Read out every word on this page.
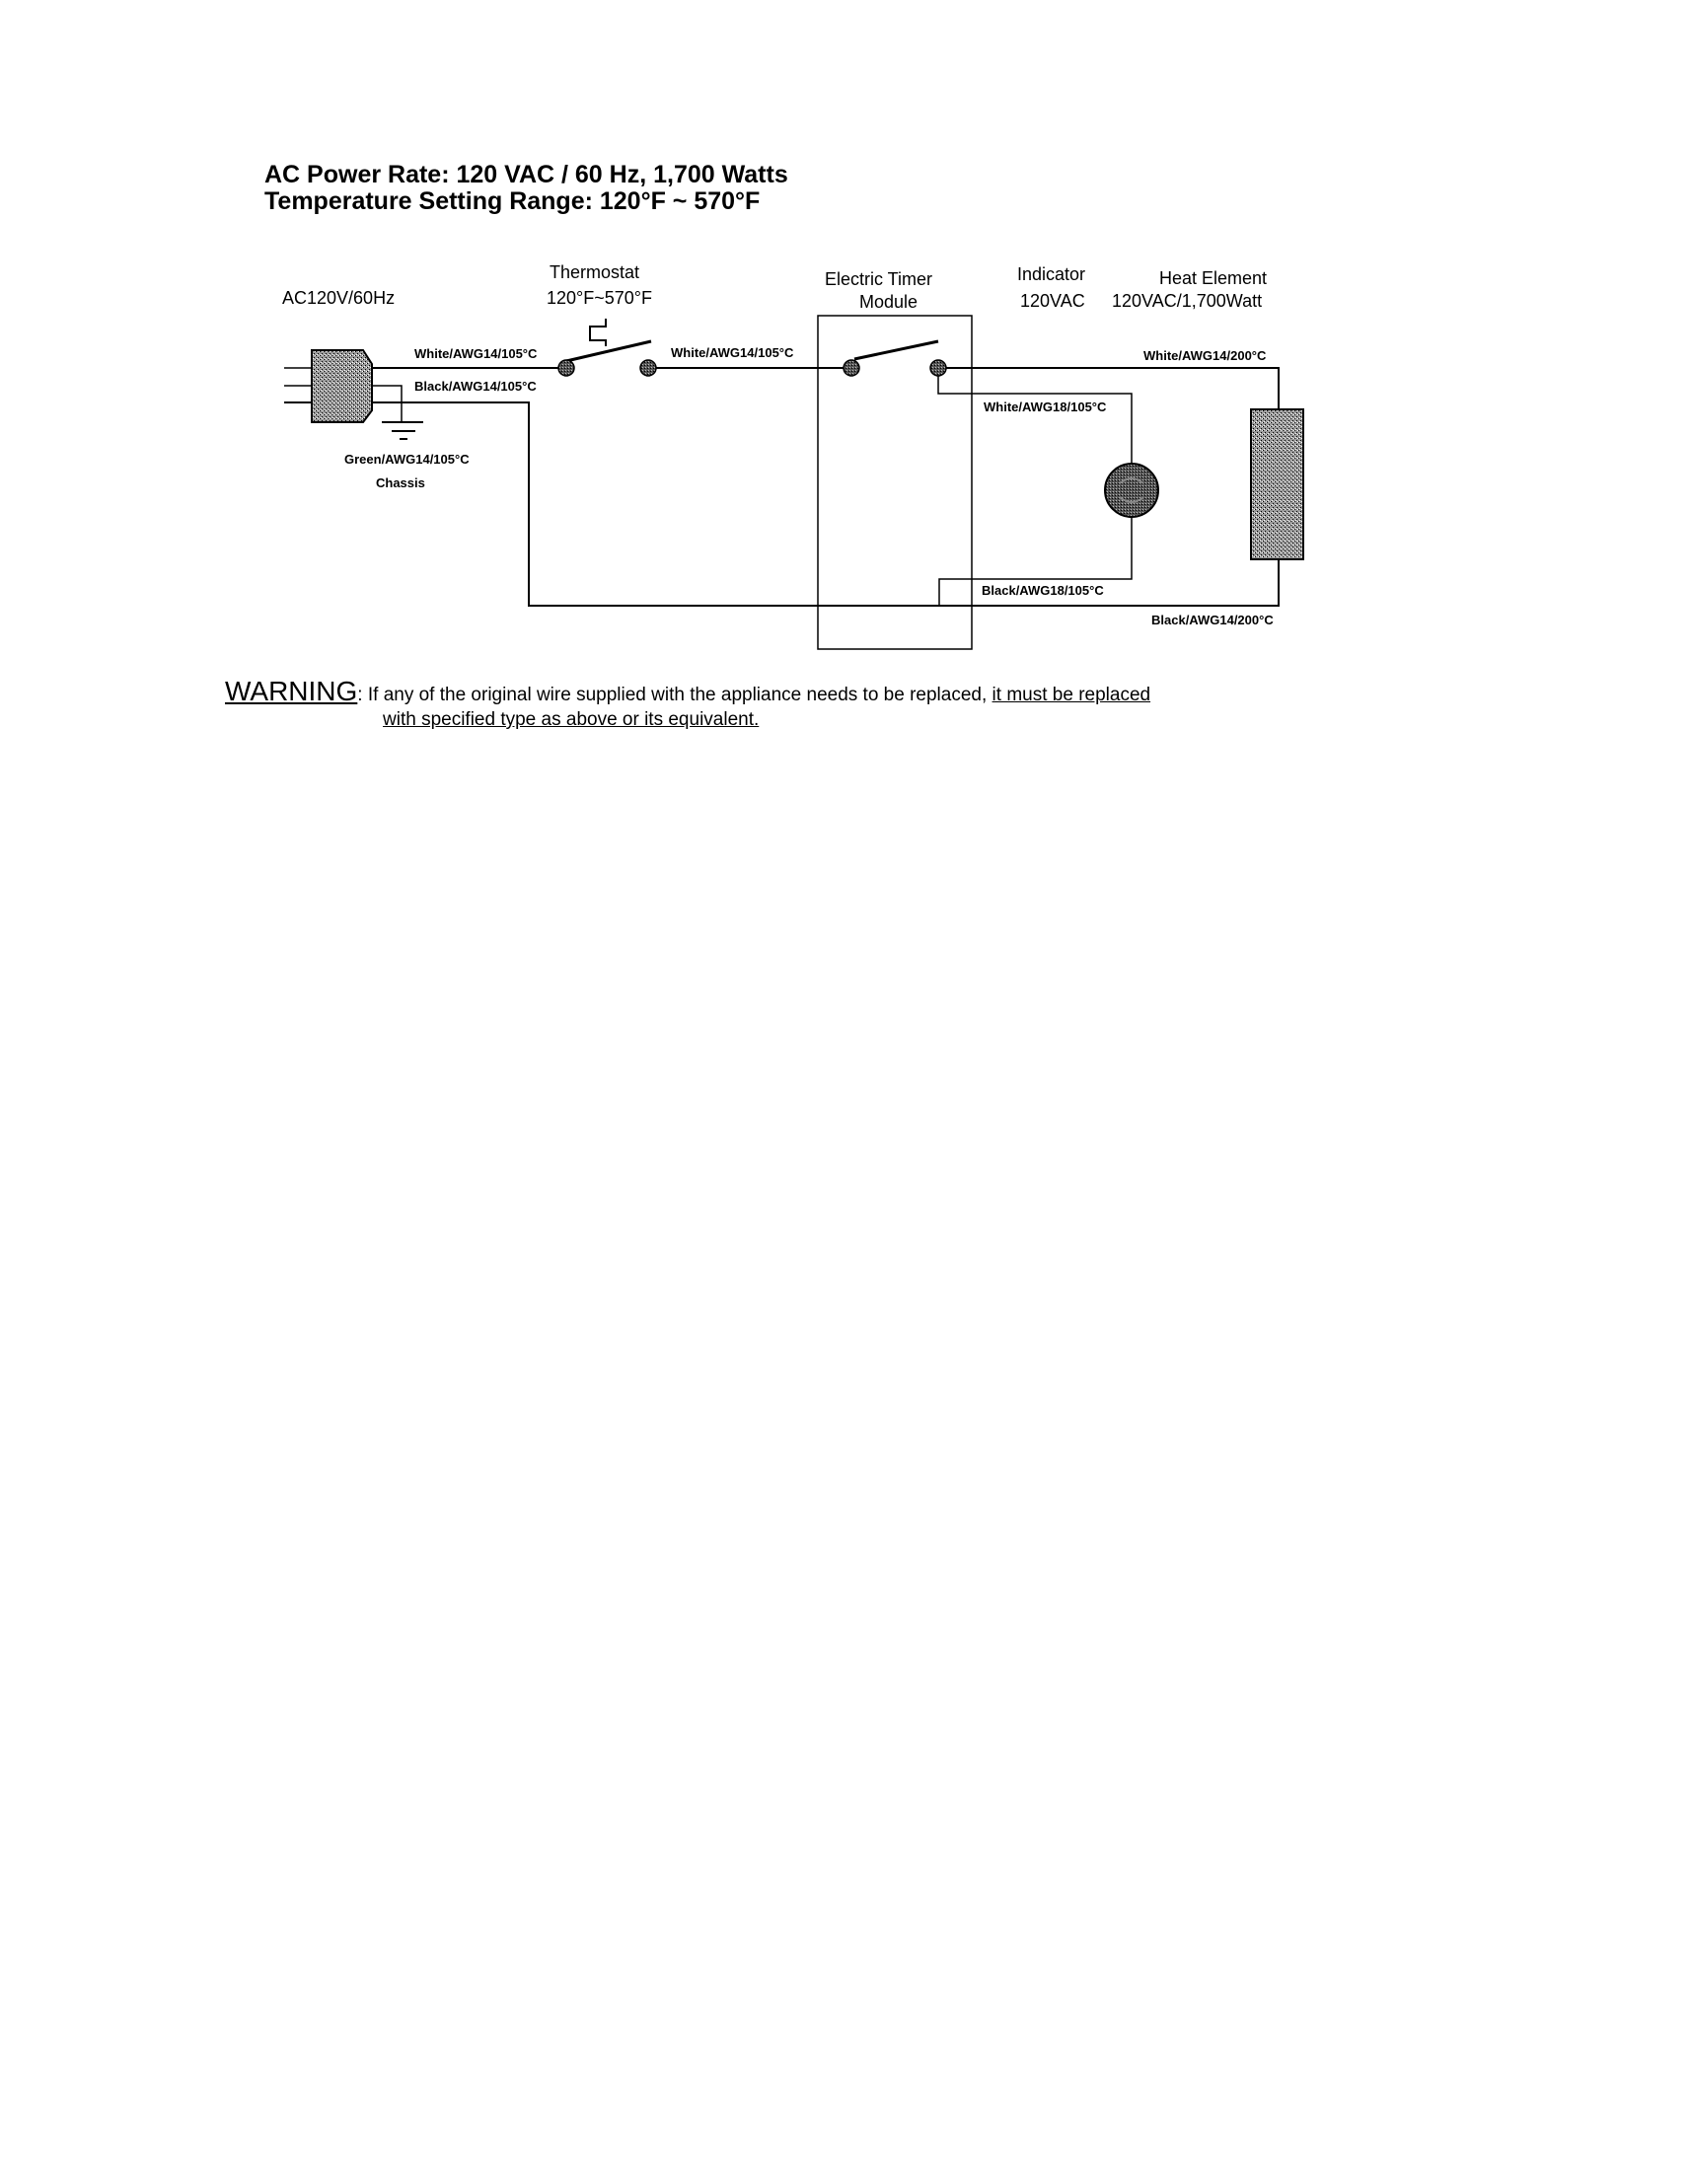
AC Power Rate: 120 VAC / 60 Hz, 1,700 Watts
Temperature Setting Range: 120°F ~ 570°F
AC120V/60Hz
Thermostat
120°F~570°F
Electric Timer
Module
Indicator
120VAC
Heat Element
120VAC/1,700Watt
White/AWG14/105°C
Black/AWG14/105°C
Green/AWG14/105°C
Chassis
White/AWG14/105°C	White/AWG14/200°C
White/AWG18/105°C
Black/AWG18/105°C
Black/AWG14/200°C
WARNING: If any of the original wire supplied with the appliance needs to be replaced, it must be replaced
with specified type as above or its equivalent.
